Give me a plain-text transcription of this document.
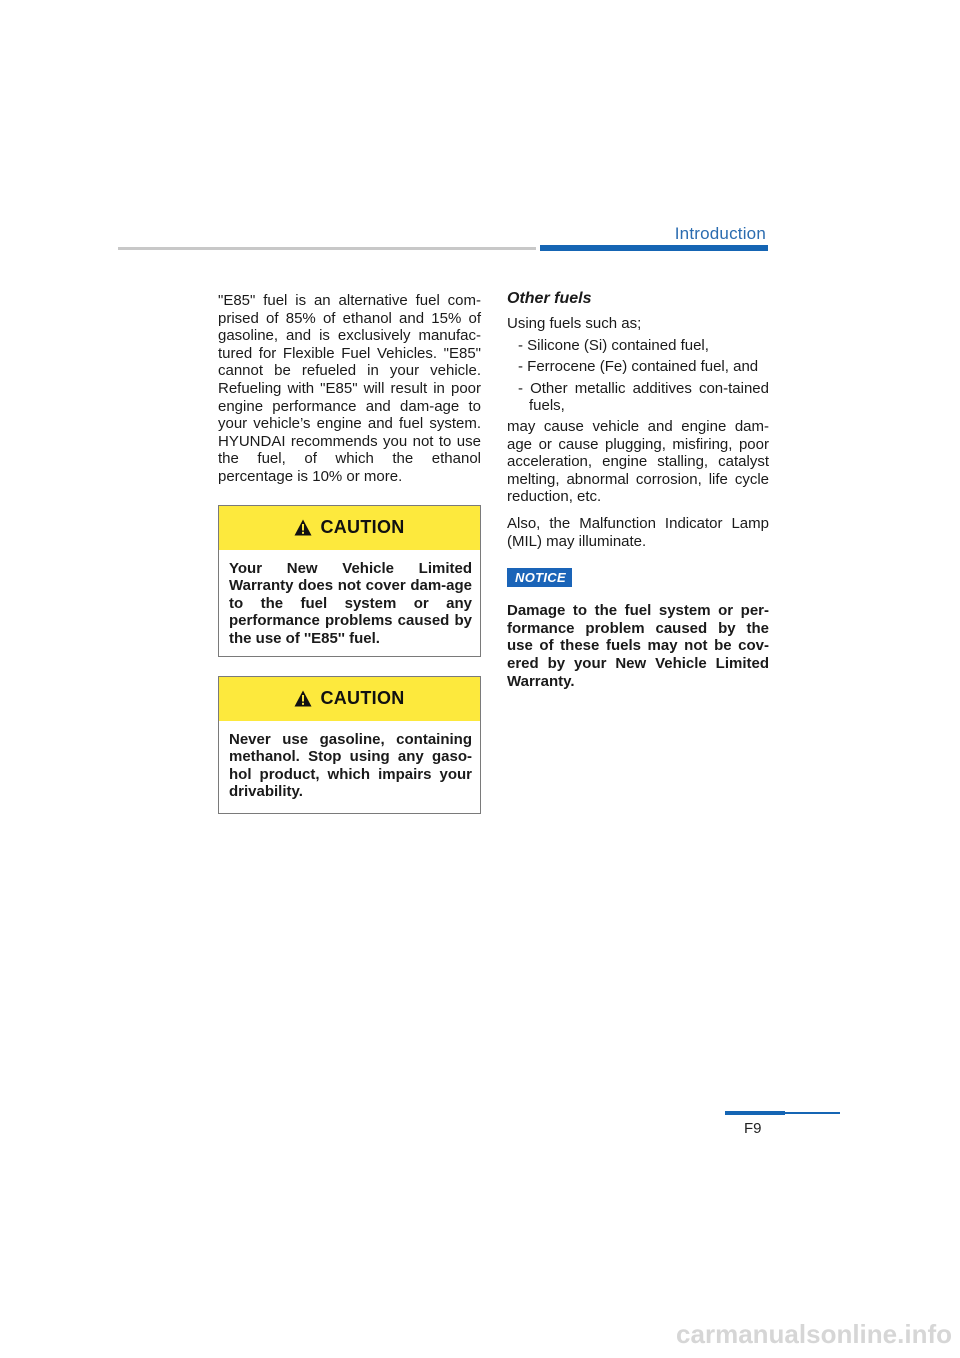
Introduction

"E85" fuel is an alternative fuel com-prised of 85% of ethanol and 15% of gasoline, and is exclusively manufac-tured for Flexible Fuel Vehicles. "E85" cannot be refueled in your vehicle. Refueling with "E85" will result in poor engine performance and dam-age to your vehicle’s engine and fuel system. HYUNDAI recommends you not to use the fuel, of which the ethanol percentage is 10% or more.

CAUTION
Your New Vehicle Limited Warranty does not cover dam-age to the fuel system or any performance problems caused by the use of ''E85'' fuel.
CAUTION
Never use gasoline, containing methanol. Stop using any gaso-hol product, which impairs your drivability.
Other fuels

Using fuels such as;

- Silicone (Si) contained fuel,
- Ferrocene (Fe) contained fuel, and
- Other metallic additives con-tained fuels,

may cause vehicle and engine dam-age or cause plugging, misfiring, poor acceleration, engine stalling, catalyst melting, abnormal corrosion, life cycle reduction, etc.

Also, the Malfunction Indicator Lamp (MIL) may illuminate.

NOTICE

Damage to the fuel system or per-formance problem caused by the use of these fuels may not be cov-ered by your New Vehicle Limited Warranty.

F9
carmanualsonline.info
